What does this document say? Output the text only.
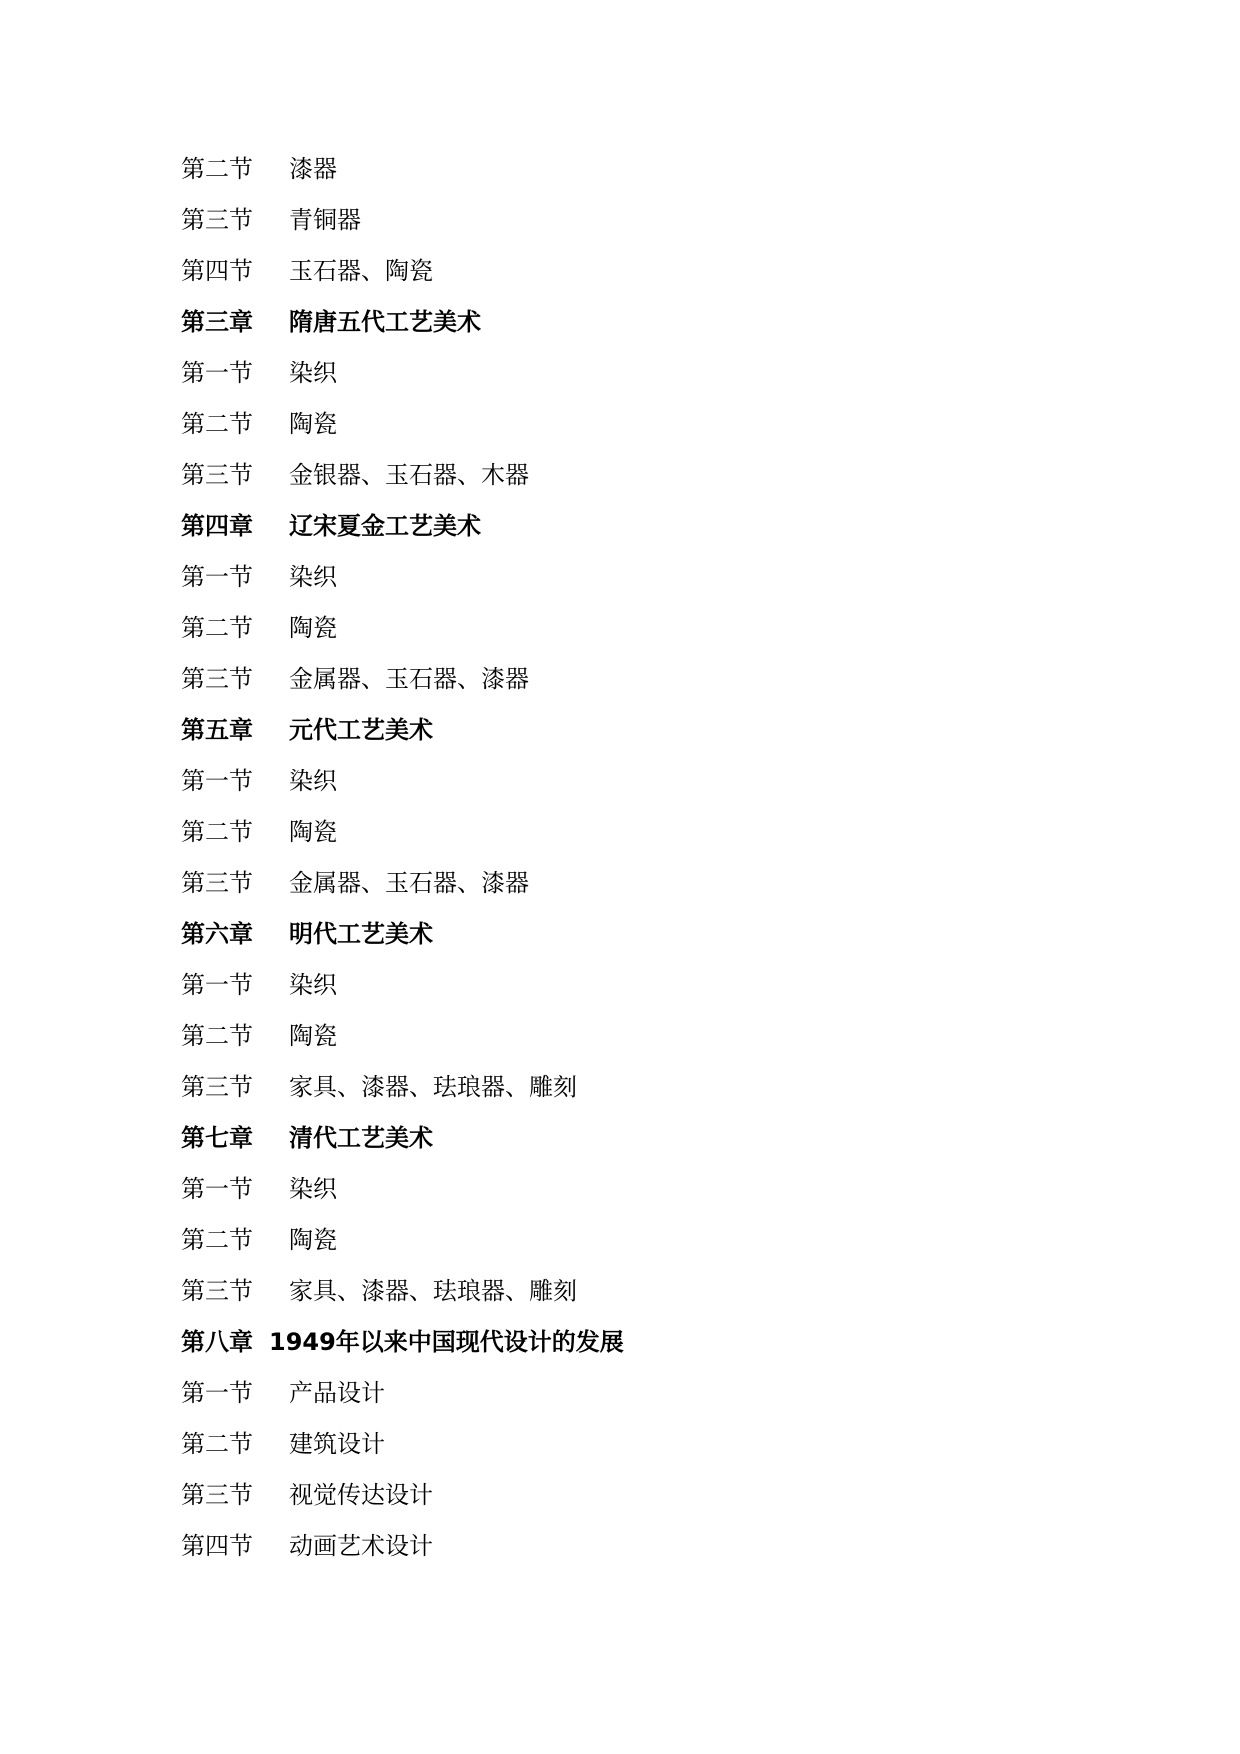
第二节	漆器
第三节	青铜器
第四节	玉石器、陶瓷
第三章	隋唐五代工艺美术
第一节	染织
第二节	陶瓷
第三节	金银器、玉石器、木器
第四章	辽宋夏金工艺美术
第一节	染织
第二节	陶瓷
第三节	金属器、玉石器、漆器
第五章	元代工艺美术
第一节	染织
第二节	陶瓷
第三节	金属器、玉石器、漆器
第六章	明代工艺美术
第一节	染织
第二节	陶瓷
第三节	家具、漆器、珐琅器、雕刻
第七章	清代工艺美术
第一节	染织
第二节	陶瓷
第三节	家具、漆器、珐琅器、雕刻
第八章 1949年以来中国现代设计的发展
第一节	产品设计
第二节	建筑设计
第三节	视觉传达设计
第四节	动画艺术设计
